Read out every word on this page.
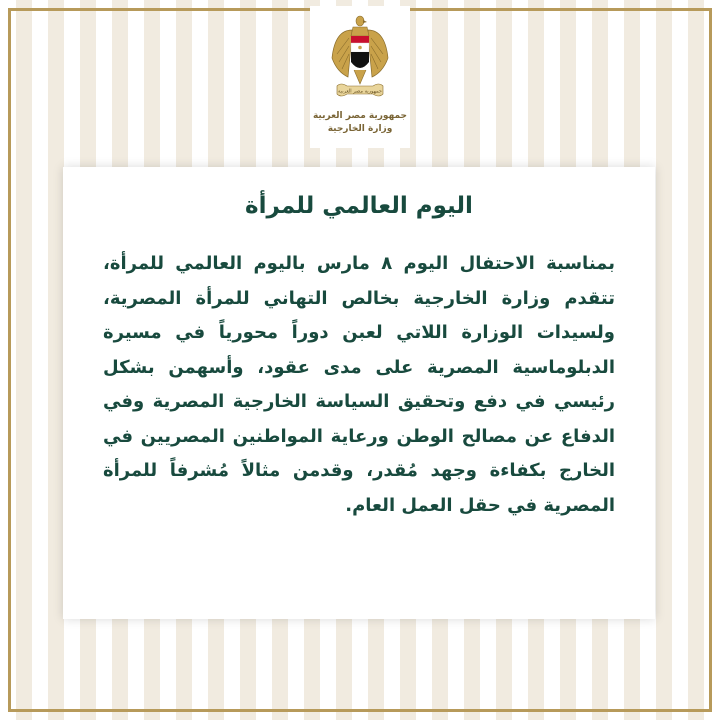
جمهورية مصر العربية
جمهورية مصر العربية
وزارة الخارجية
اليوم العالمي للمرأة

بمناسبة الاحتفال اليوم ٨ مارس باليوم العالمي للمرأة، تتقدم وزارة الخارجية بخالص التهاني للمرأة المصرية، ولسيدات الوزارة اللاتي لعبن دوراً محورياً في مسيرة الدبلوماسية المصرية على مدى عقود، وأسهمن بشكل رئيسي في دفع وتحقيق السياسة الخارجية المصرية وفي الدفاع عن مصالح الوطن ورعاية المواطنين المصريين في الخارج بكفاءة وجهد مُقدر، وقدمن مثالاً مُشرفاً للمرأة المصرية في حقل العمل العام.
